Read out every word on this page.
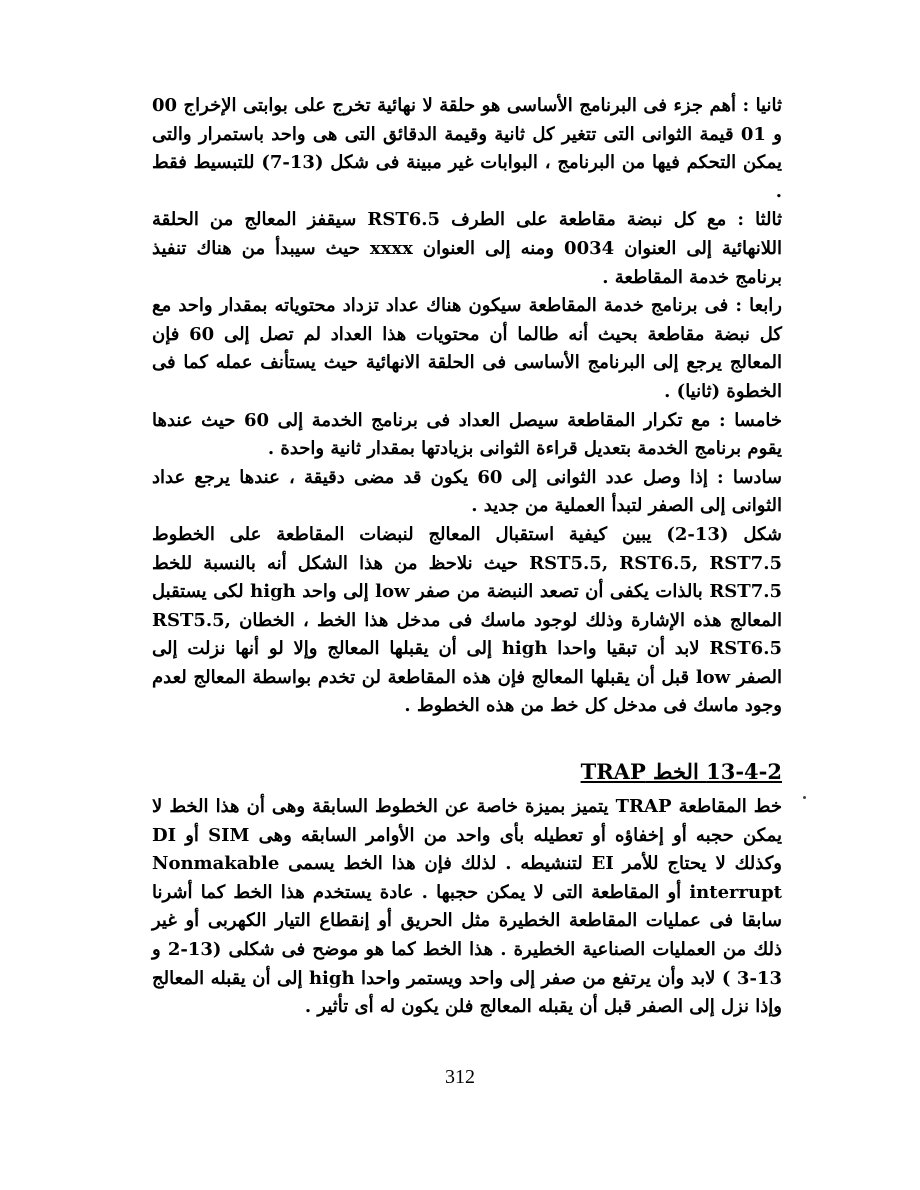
ثانيا : أهم جزء فى البرنامج الأساسى هو حلقة لا نهائية تخرج على بوابتى الإخراج 00 و 01 قيمة الثوانى التى تتغير كل ثانية وقيمة الدقائق التى هى واحد باستمرار والتى يمكن التحكم فيها من البرنامج ، البوابات غير مبينة فى شكل (13-7) للتبسيط فقط .

ثالثا : مع كل نبضة مقاطعة على الطرف RST6.5 سيقفز المعالج من الحلقة اللانهائية إلى العنوان 0034 ومنه إلى العنوان xxxx حيث سيبدأ من هناك تنفيذ برنامج خدمة المقاطعة .

رابعا : فى برنامج خدمة المقاطعة سيكون هناك عداد تزداد محتوياته بمقدار واحد مع كل نبضة مقاطعة بحيث أنه طالما أن محتويات هذا العداد لم تصل إلى 60 فإن المعالج يرجع إلى البرنامج الأساسى فى الحلقة الانهائية حيث يستأنف عمله كما فى الخطوة (ثانيا) .

خامسا : مع تكرار المقاطعة سيصل العداد فى برنامج الخدمة إلى 60 حيث عندها يقوم برنامج الخدمة بتعديل قراءة الثوانى بزيادتها بمقدار ثانية واحدة .

سادسا : إذا وصل عدد الثوانى إلى 60 يكون قد مضى دقيقة ، عندها يرجع عداد الثوانى إلى الصفر لتبدأ العملية من جديد .

شكل (13-2) يبين كيفية استقبال المعالج لنبضات المقاطعة على الخطوط RST5.5, RST6.5, RST7.5 حيث نلاحظ من هذا الشكل أنه بالنسبة للخط RST7.5 بالذات يكفى أن تصعد النبضة من صفر low إلى واحد high لكى يستقبل المعالج هذه الإشارة وذلك لوجود ماسك فى مدخل هذا الخط ، الخطان RST5.5, RST6.5 لابد أن تبقيا واحدا high إلى أن يقبلها المعالج وإلا لو أنها نزلت إلى الصفر low قبل أن يقبلها المعالج فإن هذه المقاطعة لن تخدم بواسطة المعالج لعدم وجود ماسك فى مدخل كل خط من هذه الخطوط .

13-4-2 الخط TRAP

خط المقاطعة TRAP يتميز بميزة خاصة عن الخطوط السابقة وهى أن هذا الخط لا يمكن حجبه أو إخفاؤه أو تعطيله بأى واحد من الأوامر السابقه وهى SIM أو DI وكذلك لا يحتاج للأمر EI لتنشيطه . لذلك فإن هذا الخط يسمى Nonmakable interrupt أو المقاطعة التى لا يمكن حجبها . عادة يستخدم هذا الخط كما أشرنا سابقا فى عمليات المقاطعة الخطيرة مثل الحريق أو إنقطاع التيار الكهربى أو غير ذلك من العمليات الصناعية الخطيرة . هذا الخط كما هو موضح فى شكلى (13-2 و 13-3 ) لابد وأن يرتفع من صفر إلى واحد ويستمر واحدا high إلى أن يقبله المعالج وإذا نزل إلى الصفر قبل أن يقبله المعالج فلن يكون له أى تأثير .

312
